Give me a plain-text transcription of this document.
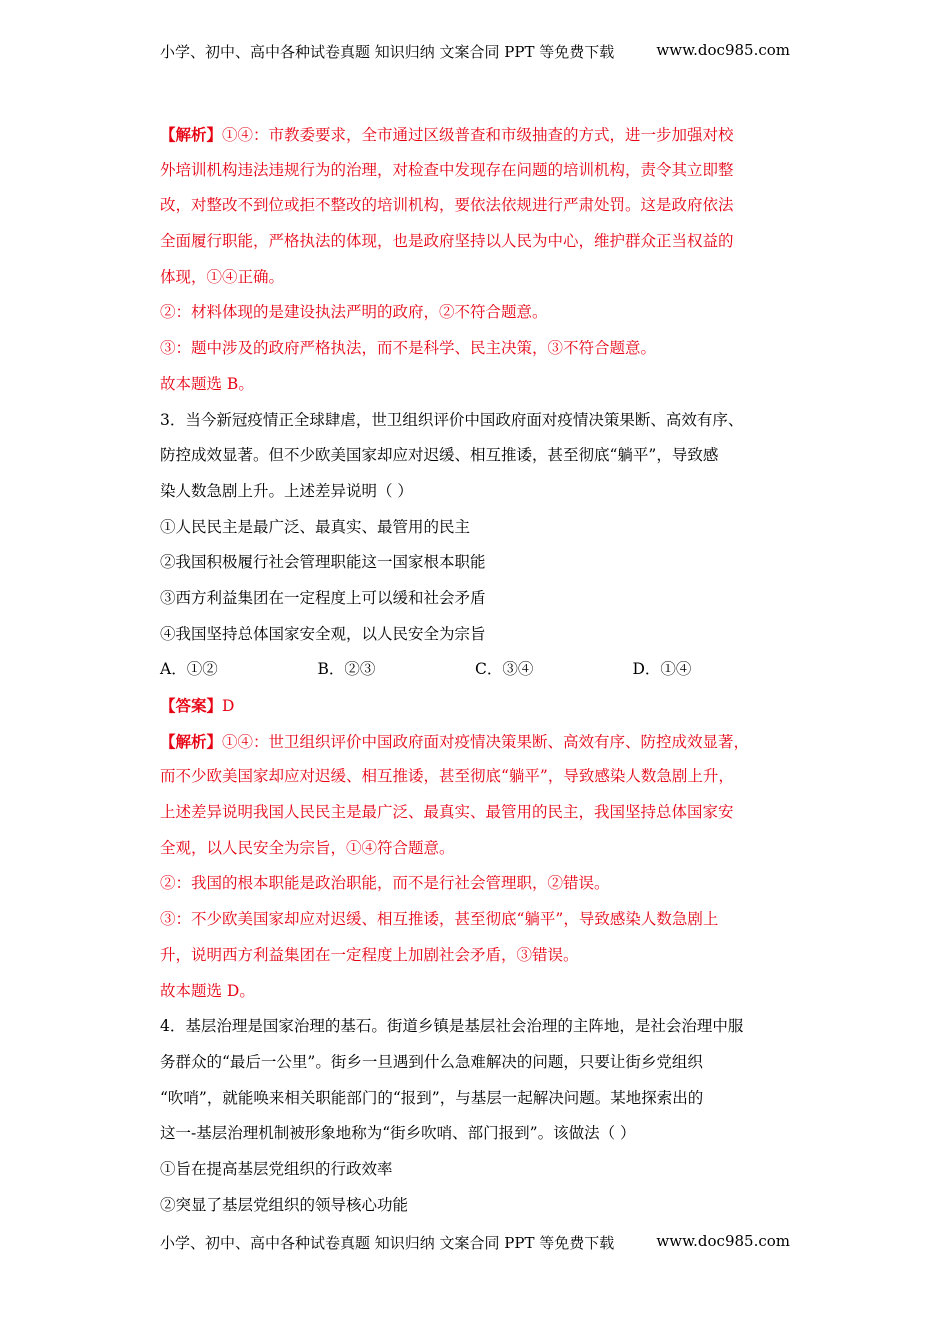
小学、初中、高中各种试卷真题 知识归纳 文案合同 PPT 等免费下载	www.doc985.com
【解析】①④：市教委要求，全市通过区级普查和市级抽查的方式，进一步加强对校
外培训机构违法违规行为的治理，对检查中发现存在问题的培训机构，责令其立即整
改，对整改不到位或拒不整改的培训机构，要依法依规进行严肃处罚。这是政府依法
全面履行职能，严格执法的体现，也是政府坚持以人民为中心，维护群众正当权益的
体现，①④正确。
②：材料体现的是建设执法严明的政府，②不符合题意。
③：题中涉及的政府严格执法，而不是科学、民主决策，③不符合题意。
故本题选 B。
3．当今新冠疫情正全球肆虐，世卫组织评价中国政府面对疫情决策果断、高效有序、
防控成效显著。但不少欧美国家却应对迟缓、相互推诿，甚至彻底“躺平”，导致感
染人数急剧上升。上述差异说明（ ）
①人民民主是最广泛、最真实、最管用的民主
②我国积极履行社会管理职能这一国家根本职能
③西方利益集团在一定程度上可以缓和社会矛盾
④我国坚持总体国家安全观，以人民安全为宗旨
A．①②	B．②③	C．③④	D．①④
【答案】D
【解析】①④：世卫组织评价中国政府面对疫情决策果断、高效有序、防控成效显著，
而不少欧美国家却应对迟缓、相互推诿，甚至彻底“躺平”，导致感染人数急剧上升，
上述差异说明我国人民民主是最广泛、最真实、最管用的民主，我国坚持总体国家安
全观，以人民安全为宗旨，①④符合题意。
②：我国的根本职能是政治职能，而不是行社会管理职，②错误。
③：不少欧美国家却应对迟缓、相互推诿，甚至彻底“躺平”，导致感染人数急剧上
升，说明西方利益集团在一定程度上加剧社会矛盾，③错误。
故本题选 D。
4．基层治理是国家治理的基石。街道乡镇是基层社会治理的主阵地，是社会治理中服
务群众的“最后一公里”。街乡一旦遇到什么急难解决的问题，只要让街乡党组织
“吹哨”，就能唤来相关职能部门的“报到”，与基层一起解决问题。某地探索出的
这一-基层治理机制被形象地称为“街乡吹哨、部门报到”。该做法（ ）
①旨在提高基层党组织的行政效率
②突显了基层党组织的领导核心功能
小学、初中、高中各种试卷真题 知识归纳 文案合同 PPT 等免费下载	www.doc985.com
